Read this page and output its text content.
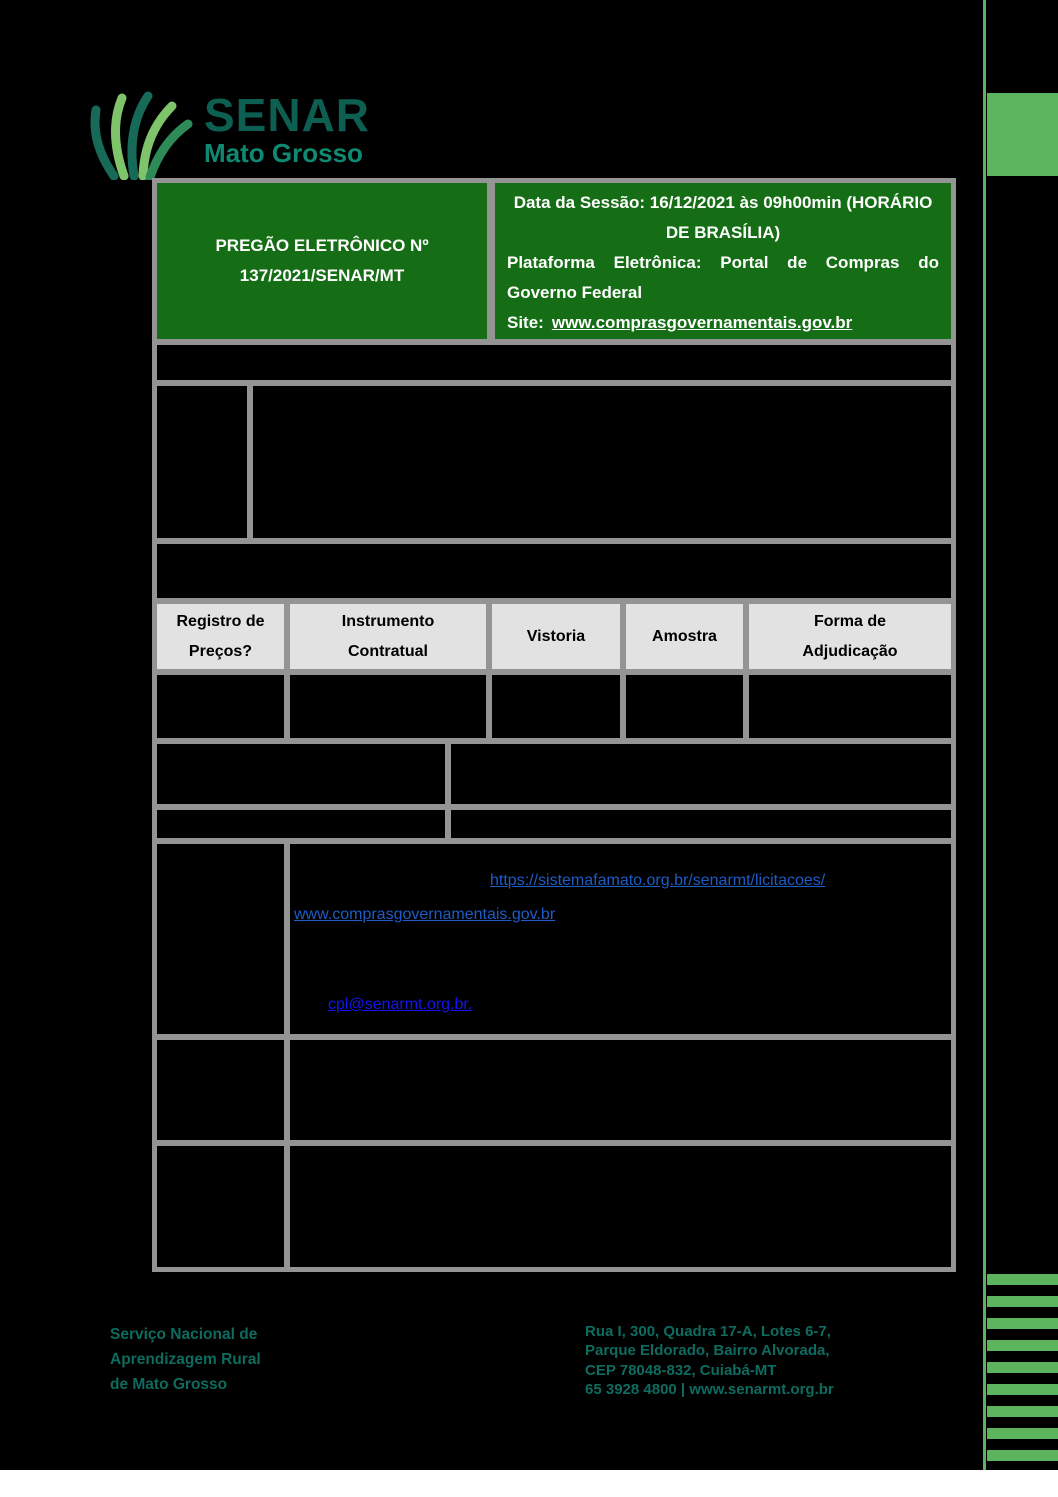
SENAR
Mato Grosso
PREGÃO ELETRÔNICO Nº
137/2021/SENAR/MT
Data da Sessão: 16/12/2021 às 09h00min (HORÁRIO
DE BRASÍLIA)

Plataforma Eletrônica: Portal de Compras do Governo Federal

Site: www.comprasgovernamentais.gov.br
Registro de Preços?
Instrumento Contratual
Vistoria	Amostra
Forma de Adjudicação
https://sistemafamato.org.br/senarmt/licitacoes/
www.comprasgovernamentais.gov.br
cpl@senarmt.org.br.
Serviço Nacional de
Aprendizagem Rural
de Mato Grosso
Rua I, 300, Quadra 17-A, Lotes 6-7,
Parque Eldorado, Bairro Alvorada,
CEP 78048-832, Cuiabá-MT
65 3928 4800 | www.senarmt.org.br
